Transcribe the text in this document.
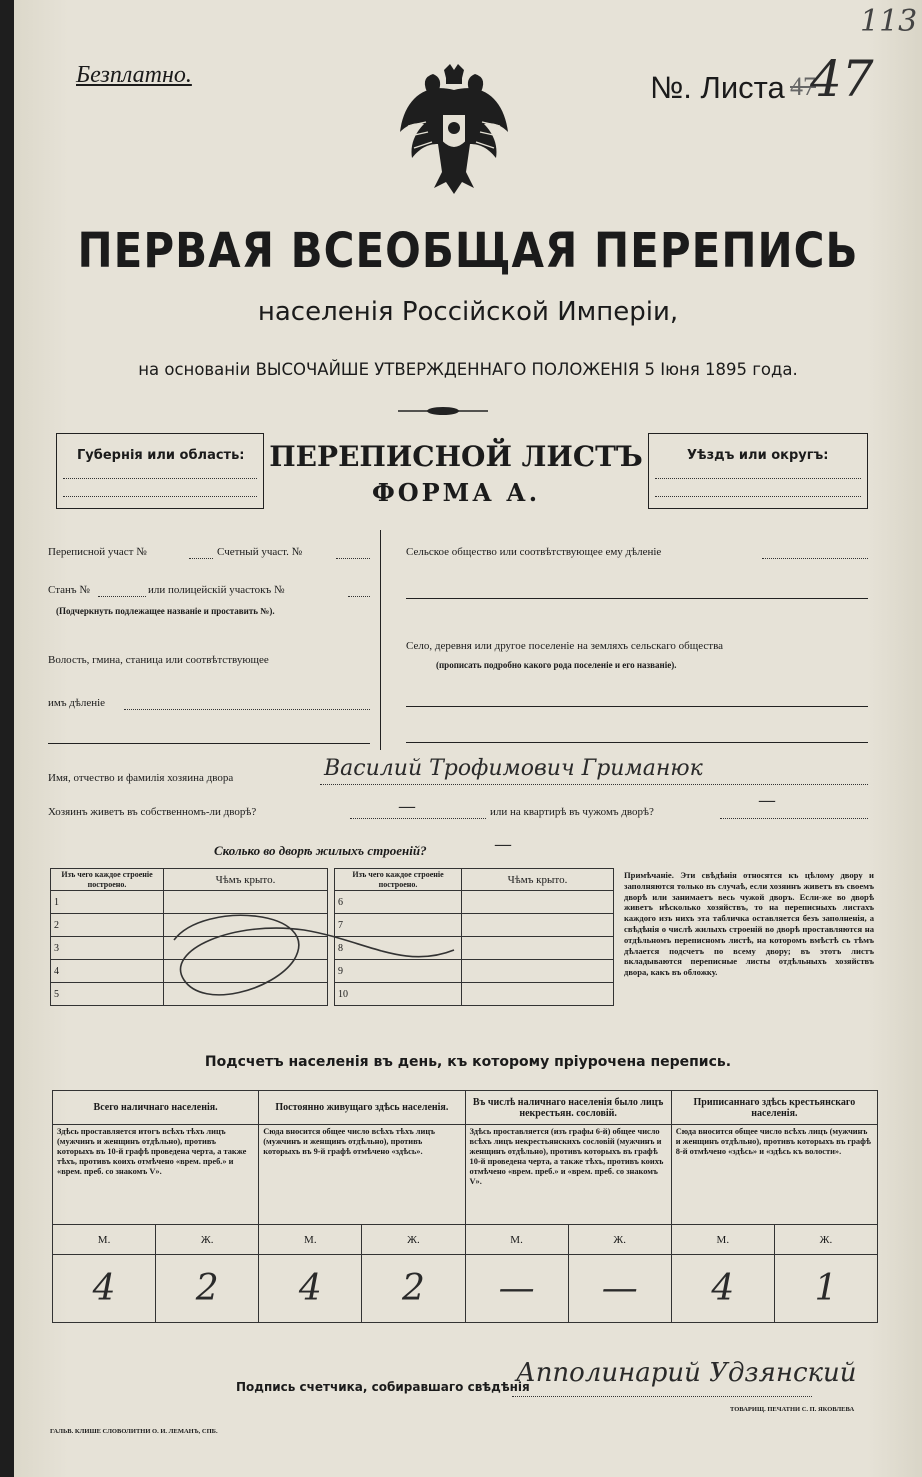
113
Безплатно.	№. Листа 47
47
ПЕРВАЯ ВСЕОБЩАЯ ПЕРЕПИСЬ
населенія Россійской Имперіи,
на основаніи ВЫСОЧАЙШЕ УТВЕРЖДЕННАГО ПОЛОЖЕНІЯ 5 Іюня 1895 года.
Губернія или область: ПЕРЕПИСНОЙ ЛИСТЪ
ФОРМА А.
Уѣздъ или округъ:
Переписной участ №	Счетный участ. №
Станъ №	или полицейскій участокъ №
(Подчеркнуть подлежащее названіе и проставить №).
Волость, гмина, станица или соотвѣтствующее
имъ дѣленіе
Сельское общество или соотвѣтствующее ему дѣленіе
Село, деревня или другое поселеніе на земляхъ сельскаго общества
(прописать подробно какого рода поселеніе и его названіе).
Имя, отчество и фамилія хозяина двора	Василий Трофимович Гриманюк
Хозяинъ живетъ въ собственномъ-ли дворѣ?	—	или на квартирѣ въ чужомъ дворѣ?
—
Сколько во дворѣ жилыхъ строеній?	—
Изъ чего каждое строеніе построено.	Чѣмъ крыто.
1	
2	
3	
4	
5	
Изъ чего каждое строеніе построено.	Чѣмъ крыто.
6	
7	
8	
9	
10	
Примѣчаніе. Эти свѣдѣнія относятся къ цѣлому двору и заполняются только въ случаѣ, если хозяинъ живетъ въ своемъ дворѣ или занимаетъ весь чужой дворъ. Если-же во дворѣ живетъ нѣсколько хозяйствъ, то на переписныхъ листахъ каждого изъ нихъ эта табличка оставляется безъ заполненія, а свѣдѣнія о числѣ жилыхъ строеній во дворѣ проставляются на отдѣльномъ переписномъ листѣ, на которомъ вмѣстѣ съ тѣмъ дѣлается подсчетъ по всему двору; въ этотъ листъ вкладываются переписные листы отдѣльныхъ хозяйствъ двора, какъ въ обложку.
Подсчетъ населенія въ день, къ которому пріурочена перепись.
Всего наличнаго населенія.		Постоянно живущаго здѣсь населенія.		Въ числѣ наличнаго населенія было лицъ некрестьян. сословій.		Приписаннаго здѣсь крестьянскаго населенія.	
Здѣсь проставляется итогъ всѣхъ тѣхъ лицъ (мужчинъ и женщинъ отдѣльно), противъ которыхъ въ 10-й графѣ проведена черта, а также тѣхъ, противъ коихъ отмѣчено «врем. преб.» и «врем. преб. со знакомъ V».		Сюда вносится общее число всѣхъ тѣхъ лицъ (мужчинъ и женщинъ отдѣльно), противъ которыхъ въ 9-й графѣ отмѣчено «здѣсь».		Здѣсь проставляется (изъ графы 6-й) общее число всѣхъ лицъ некрестьянскихъ сословій (мужчинъ и женщинъ отдѣльно), противъ которыхъ въ графѣ 10-й проведена черта, а также тѣхъ, противъ коихъ отмѣчено «врем. преб.» и «врем. преб. со знакомъ V».		Сюда вносится общее число всѣхъ лицъ (мужчинъ и женщинъ отдѣльно), противъ которыхъ въ графѣ 8-й отмѣчено «здѣсь» и «здѣсь къ волости».	
М.	Ж.	М.	Ж.	М.	Ж.	М.	Ж.
4	2	4	2	—	—	4	1
Подпись счетчика, собиравшаго свѣдѣнія
Апполинарий Удзянский
ГАЛЬВ. КЛИШЕ СЛОВОЛИТНИ О. И. ЛЕМАНЪ, СПБ.
ТОВАРИЩ. ПЕЧАТНИ С. П. ЯКОВЛЕВА
